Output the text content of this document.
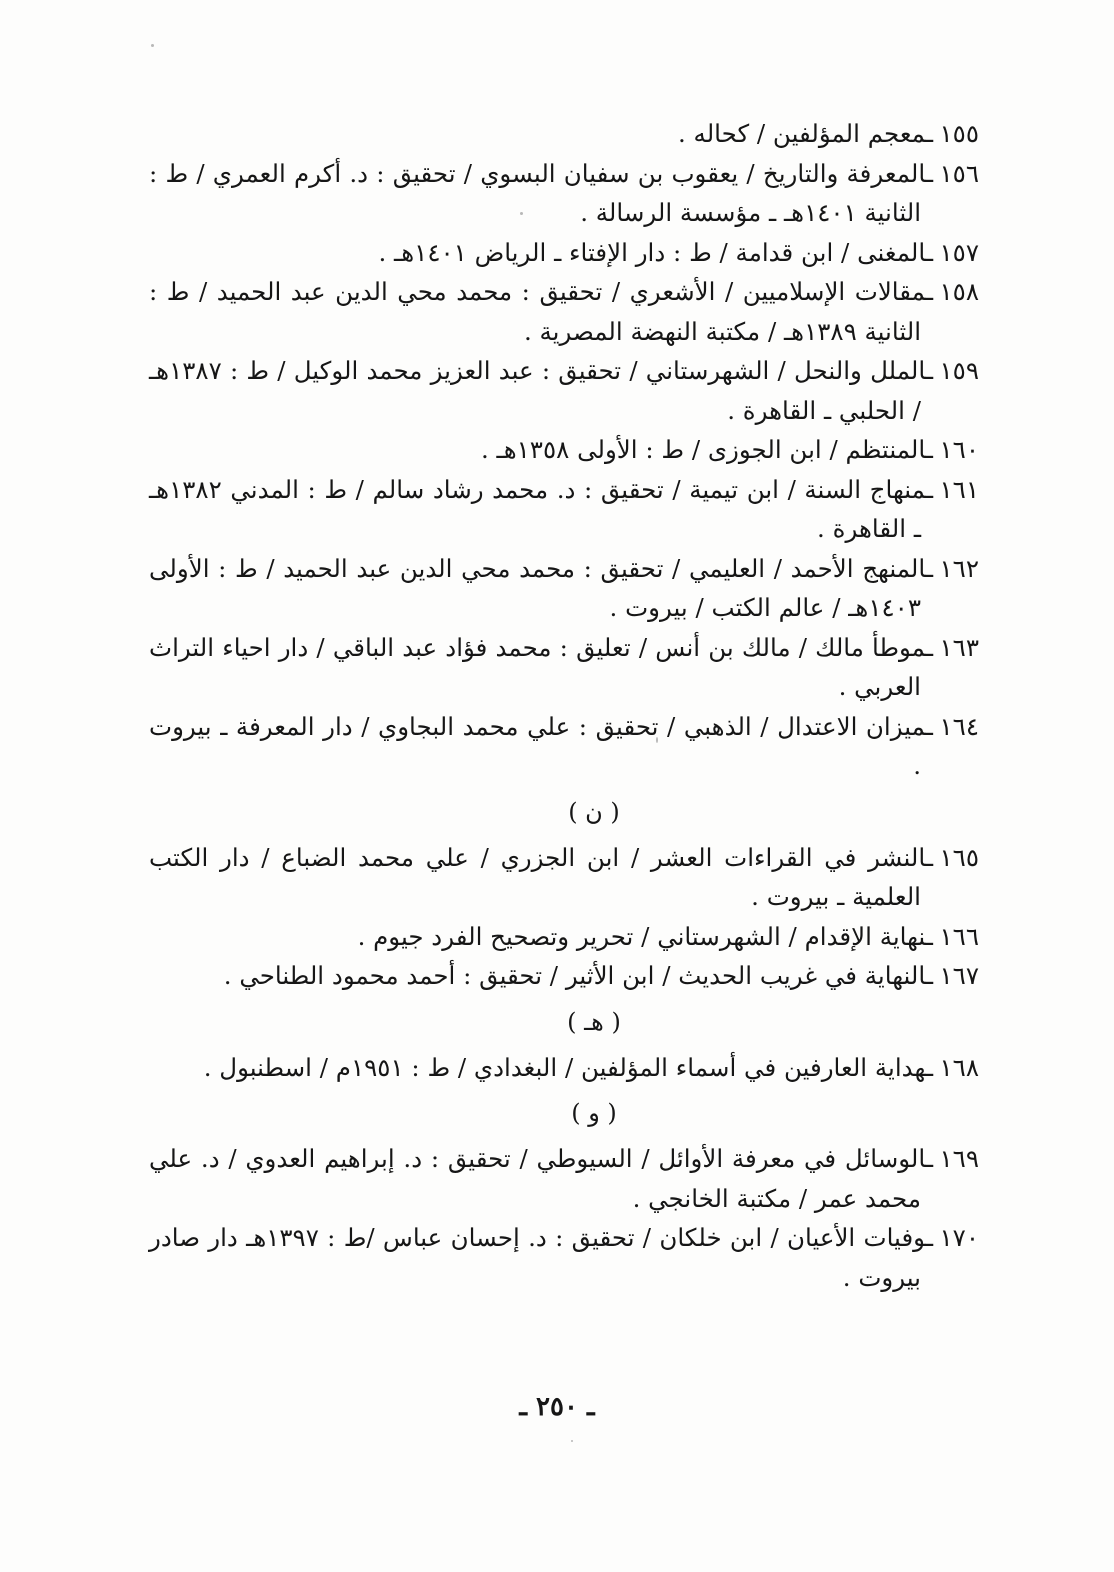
١٥٥ـمعجم المؤلفين / كحاله .

١٥٦ـالمعرفة والتاريخ / يعقوب بن سفيان البسوي / تحقيق : د. أكرم العمري / ط : الثانية ١٤٠١هـ ـ مؤسسة الرسالة .

١٥٧ـالمغنى / ابن قدامة / ط : دار الإفتاء ـ الرياض ١٤٠١هـ .

١٥٨ـمقالات الإسلاميين / الأشعري / تحقيق : محمد محي الدين عبد الحميد / ط : الثانية ١٣٨٩هـ / مكتبة النهضة المصرية .

١٥٩ـالملل والنحل / الشهرستاني / تحقيق : عبد العزيز محمد الوكيل / ط : ١٣٨٧هـ / الحلبي ـ القاهرة .

١٦٠ـالمنتظم / ابن الجوزى / ط : الأولى ١٣٥٨هـ .

١٦١ـمنهاج السنة / ابن تيمية / تحقيق : د. محمد رشاد سالم / ط : المدني ١٣٨٢هـ ـ القاهرة .

١٦٢ـالمنهج الأحمد / العليمي / تحقيق : محمد محي الدين عبد الحميد / ط : الأولى ١٤٠٣هـ / عالم الكتب / بيروت .

١٦٣ـموطأ مالك / مالك بن أنس / تعليق : محمد فؤاد عبد الباقي / دار احياء التراث العربي .

١٦٤ـميزان الاعتدال / الذهبي / تحقيق : علي محمد البجاوي / دار المعرفة ـ بيروت .

( ن )

١٦٥ـالنشر في القراءات العشر / ابن الجزري / علي محمد الضباع / دار الكتب العلمية ـ بيروت .

١٦٦ـنهاية الإقدام / الشهرستاني / تحرير وتصحيح الفرد جيوم .

١٦٧ـالنهاية في غريب الحديث / ابن الأثير / تحقيق : أحمد محمود الطناحي .

( هـ )

١٦٨ـهداية العارفين في أسماء المؤلفين / البغدادي / ط : ١٩٥١م / اسطنبول .

( و )

١٦٩ـالوسائل في معرفة الأوائل / السيوطي / تحقيق : د. إبراهيم العدوي / د. علي محمد عمر / مكتبة الخانجي .

١٧٠ـوفيات الأعيان / ابن خلكان / تحقيق : د. إحسان عباس /ط : ١٣٩٧هـ دار صادر بيروت .

ـ ٢٥٠ ـ
